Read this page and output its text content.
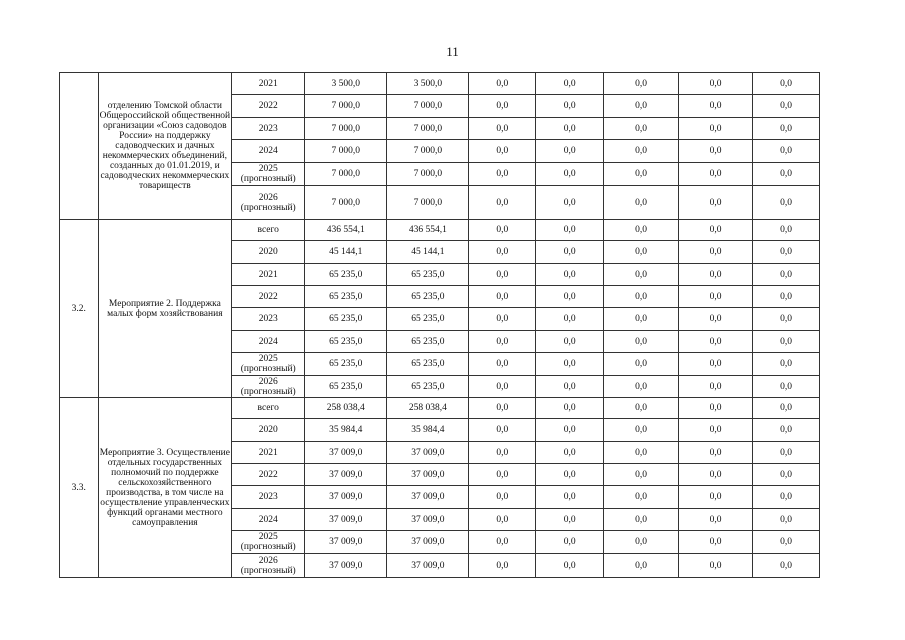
11
	отделению Томской области Общероссийской общественной организации «Союз садоводов России» на поддержку садоводческих и дачных некоммерческих объединений, созданных до 01.01.2019, и садоводческих некоммерческих товариществ	2021	3 500,0	3 500,0	0,0	0,0	0,0	0,0	0,0
		2022	7 000,0	7 000,0	0,0	0,0	0,0	0,0	0,0
		2023	7 000,0	7 000,0	0,0	0,0	0,0	0,0	0,0
		2024	7 000,0	7 000,0	0,0	0,0	0,0	0,0	0,0
		2025 (прогнозный)	7 000,0	7 000,0	0,0	0,0	0,0	0,0	0,0
		2026 (прогнозный)	7 000,0	7 000,0	0,0	0,0	0,0	0,0	0,0
3.2.	Мероприятие 2. Поддержка малых форм хозяйствования	всего	436 554,1	436 554,1	0,0	0,0	0,0	0,0	0,0
		2020	45 144,1	45 144,1	0,0	0,0	0,0	0,0	0,0
		2021	65 235,0	65 235,0	0,0	0,0	0,0	0,0	0,0
		2022	65 235,0	65 235,0	0,0	0,0	0,0	0,0	0,0
		2023	65 235,0	65 235,0	0,0	0,0	0,0	0,0	0,0
		2024	65 235,0	65 235,0	0,0	0,0	0,0	0,0	0,0
		2025 (прогнозный)	65 235,0	65 235,0	0,0	0,0	0,0	0,0	0,0
		2026 (прогнозный)	65 235,0	65 235,0	0,0	0,0	0,0	0,0	0,0
3.3.	Мероприятие 3. Осуществление отдельных государственных полномочий по поддержке сельскохозяйственного производства, в том числе на осуществление управленческих функций органами местного самоуправления	всего	258 038,4	258 038,4	0,0	0,0	0,0	0,0	0,0
		2020	35 984,4	35 984,4	0,0	0,0	0,0	0,0	0,0
		2021	37 009,0	37 009,0	0,0	0,0	0,0	0,0	0,0
		2022	37 009,0	37 009,0	0,0	0,0	0,0	0,0	0,0
		2023	37 009,0	37 009,0	0,0	0,0	0,0	0,0	0,0
		2024	37 009,0	37 009,0	0,0	0,0	0,0	0,0	0,0
		2025 (прогнозный)	37 009,0	37 009,0	0,0	0,0	0,0	0,0	0,0
		2026 (прогнозный)	37 009,0	37 009,0	0,0	0,0	0,0	0,0	0,0
